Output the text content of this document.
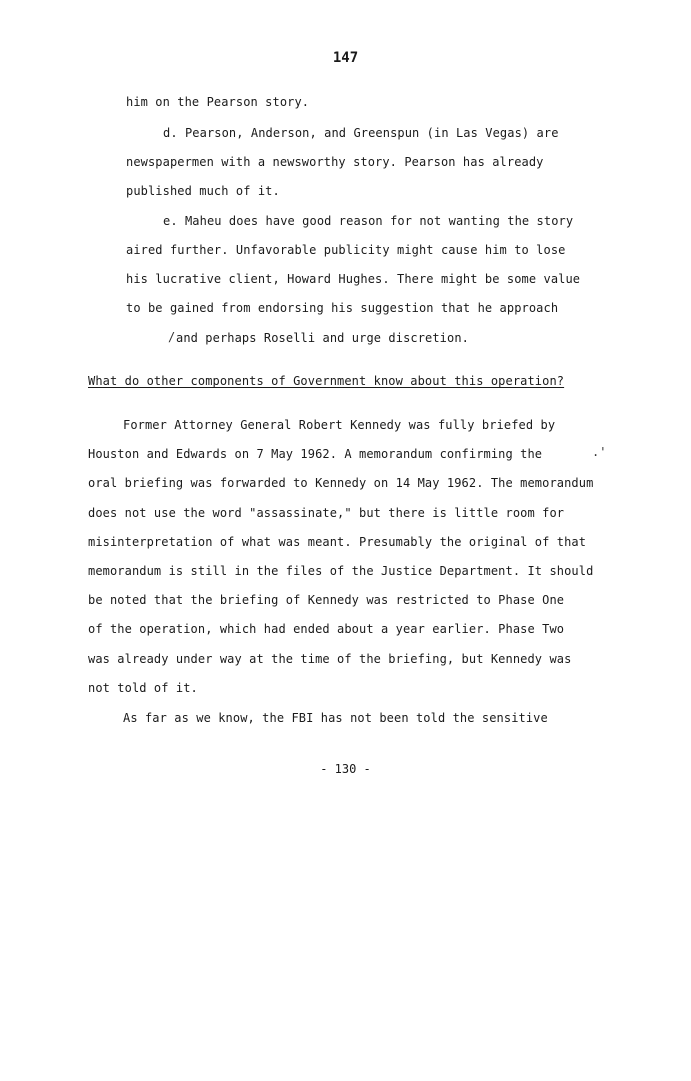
147
him on the Pearson story.
d. Pearson, Anderson, and Greenspun (in Las Vegas) are
newspapermen with a newsworthy story. Pearson has already
published much of it.
e. Maheu does have good reason for not wanting the story
aired further. Unfavorable publicity might cause him to lose
his lucrative client, Howard Hughes. There might be some value
to be gained from endorsing his suggestion that he approach
/ and perhaps Roselli and urge discretion.
What do other components of Government know about this operation?
Former Attorney General Robert Kennedy was fully briefed by
Houston and Edwards on 7 May 1962. A memorandum confirming the
oral briefing was forwarded to Kennedy on 14 May 1962. The memorandum
does not use the word "assassinate," but there is little room for
misinterpretation of what was meant. Presumably the original of that
memorandum is still in the files of the Justice Department. It should
be noted that the briefing of Kennedy was restricted to Phase One
of the operation, which had ended about a year earlier. Phase Two
was already under way at the time of the briefing, but Kennedy was
not told of it.
As far as we know, the FBI has not been told the sensitive
.'
- 130 -
